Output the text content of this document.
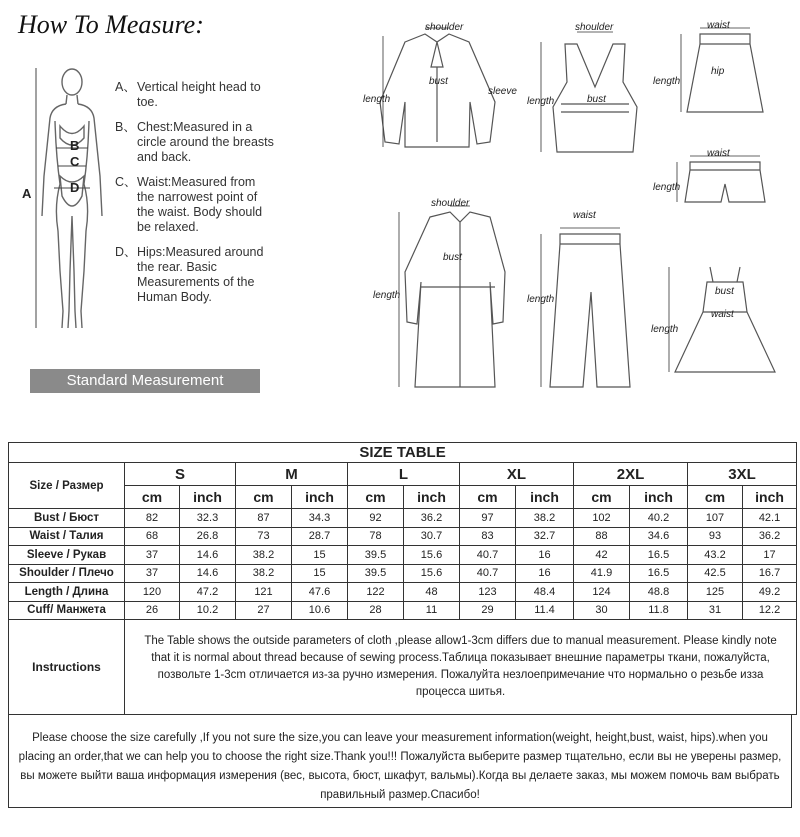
How To Measure:
B
C
A	D
A、 Vertical height head to toe.
B、 Chest:Measured in a circle around the breasts and back.
C、 Waist:Measured from the narrowest point of the waist. Body should be relaxed.
D、 Hips:Measured around the rear. Basic Measurements of the Human Body.
Standard Measurement
shoulder
bust
sleeve
length
shoulder
bust
length
waist
hip
length
waist
length
shoulder
bust
length
waist
length
bust
waist
length
SIZE TABLE												
Size / Размер	S		M		L		XL		2XL		3XL	
	cm	inch	cm	inch	cm	inch	cm	inch	cm	inch	cm	inch
Bust / Бюст	82	32.3	87	34.3	92	36.2	97	38.2	102	40.2	107	42.1
Waist / Талия	68	26.8	73	28.7	78	30.7	83	32.7	88	34.6	93	36.2
Sleeve / Рукав	37	14.6	38.2	15	39.5	15.6	40.7	16	42	16.5	43.2	17
Shoulder / Плечо	37	14.6	38.2	15	39.5	15.6	40.7	16	41.9	16.5	42.5	16.7
Length / Длина	120	47.2	121	47.6	122	48	123	48.4	124	48.8	125	49.2
Cuff/ Манжета	26	10.2	27	10.6	28	11	29	11.4	30	11.8	31	12.2
Instructions	The Table shows the outside parameters of cloth ,please allow1-3cm differs due to manual measurement. Please kindly note that it is normal about thread because of sewing process.Таблица показывает внешние параметры ткани, пожалуйста, позвольте 1-3cm отличается из-за ручно измерения. Пожалуйта незлоепримечание что нормально о резьбе изза процесса шитья.											
Please choose the size carefully ,If you not sure the size,you can leave your measurement information(weight, height,bust, waist, hips).when you placing an order,that we can help you to choose the right size.Thank you!!! Пожалуйста выберите размер тщательно, если вы не уверены размер, вы можете выйти ваша информация измерения (вес, высота, бюст, шкафут, вальмы).Когда вы делаете заказ, мы можем помочь вам выбрать правильный размер.Спасибо!
